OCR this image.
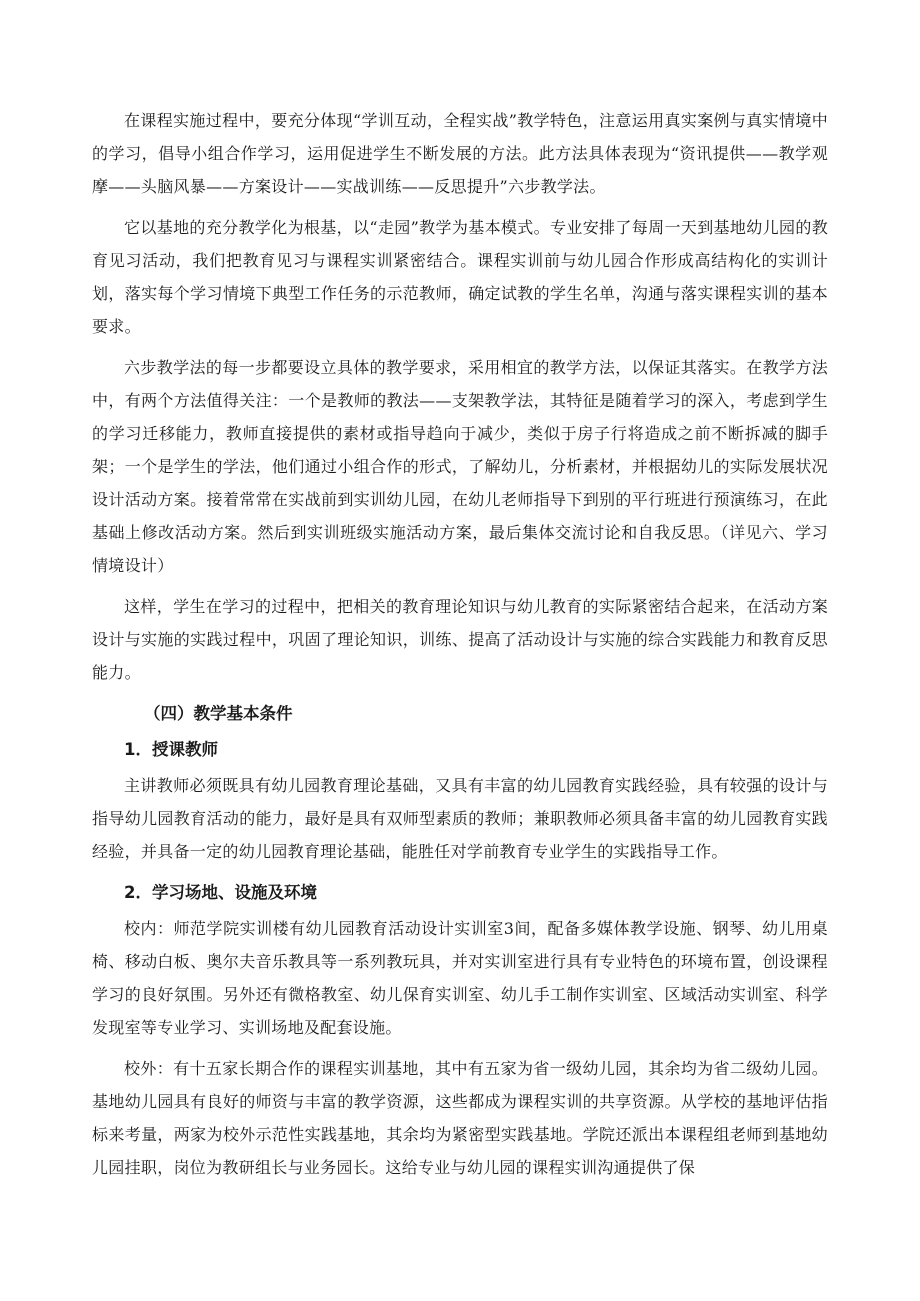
在课程实施过程中，要充分体现“学训互动，全程实战”教学特色，注意运用真实案例与真实情境中的学习，倡导小组合作学习，运用促进学生不断发展的方法。此方法具体表现为“资讯提供——教学观摩——头脑风暴——方案设计——实战训练——反思提升”六步教学法。

它以基地的充分教学化为根基，以“走园”教学为基本模式。专业安排了每周一天到基地幼儿园的教育见习活动，我们把教育见习与课程实训紧密结合。课程实训前与幼儿园合作形成高结构化的实训计划，落实每个学习情境下典型工作任务的示范教师，确定试教的学生名单，沟通与落实课程实训的基本要求。

六步教学法的每一步都要设立具体的教学要求，采用相宜的教学方法，以保证其落实。在教学方法中，有两个方法值得关注：一个是教师的教法——支架教学法，其特征是随着学习的深入，考虑到学生的学习迁移能力，教师直接提供的素材或指导趋向于减少，类似于房子行将造成之前不断拆减的脚手架；一个是学生的学法，他们通过小组合作的形式，了解幼儿，分析素材，并根据幼儿的实际发展状况设计活动方案。接着常常在实战前到实训幼儿园，在幼儿老师指导下到别的平行班进行预演练习，在此基础上修改活动方案。然后到实训班级实施活动方案，最后集体交流讨论和自我反思。（详见六、学习情境设计）

这样，学生在学习的过程中，把相关的教育理论知识与幼儿教育的实际紧密结合起来，在活动方案设计与实施的实践过程中，巩固了理论知识，训练、提高了活动设计与实施的综合实践能力和教育反思能力。

（四）教学基本条件

1．授课教师

主讲教师必须既具有幼儿园教育理论基础，又具有丰富的幼儿园教育实践经验，具有较强的设计与指导幼儿园教育活动的能力，最好是具有双师型素质的教师；兼职教师必须具备丰富的幼儿园教育实践经验，并具备一定的幼儿园教育理论基础，能胜任对学前教育专业学生的实践指导工作。

2．学习场地、设施及环境

校内：师范学院实训楼有幼儿园教育活动设计实训室3间，配备多媒体教学设施、钢琴、幼儿用桌椅、移动白板、奥尔夫音乐教具等一系列教玩具，并对实训室进行具有专业特色的环境布置，创设课程学习的良好氛围。另外还有微格教室、幼儿保育实训室、幼儿手工制作实训室、区域活动实训室、科学发现室等专业学习、实训场地及配套设施。

校外：有十五家长期合作的课程实训基地，其中有五家为省一级幼儿园，其余均为省二级幼儿园。基地幼儿园具有良好的师资与丰富的教学资源，这些都成为课程实训的共享资源。从学校的基地评估指标来考量，两家为校外示范性实践基地，其余均为紧密型实践基地。学院还派出本课程组老师到基地幼儿园挂职，岗位为教研组长与业务园长。这给专业与幼儿园的课程实训沟通提供了保
